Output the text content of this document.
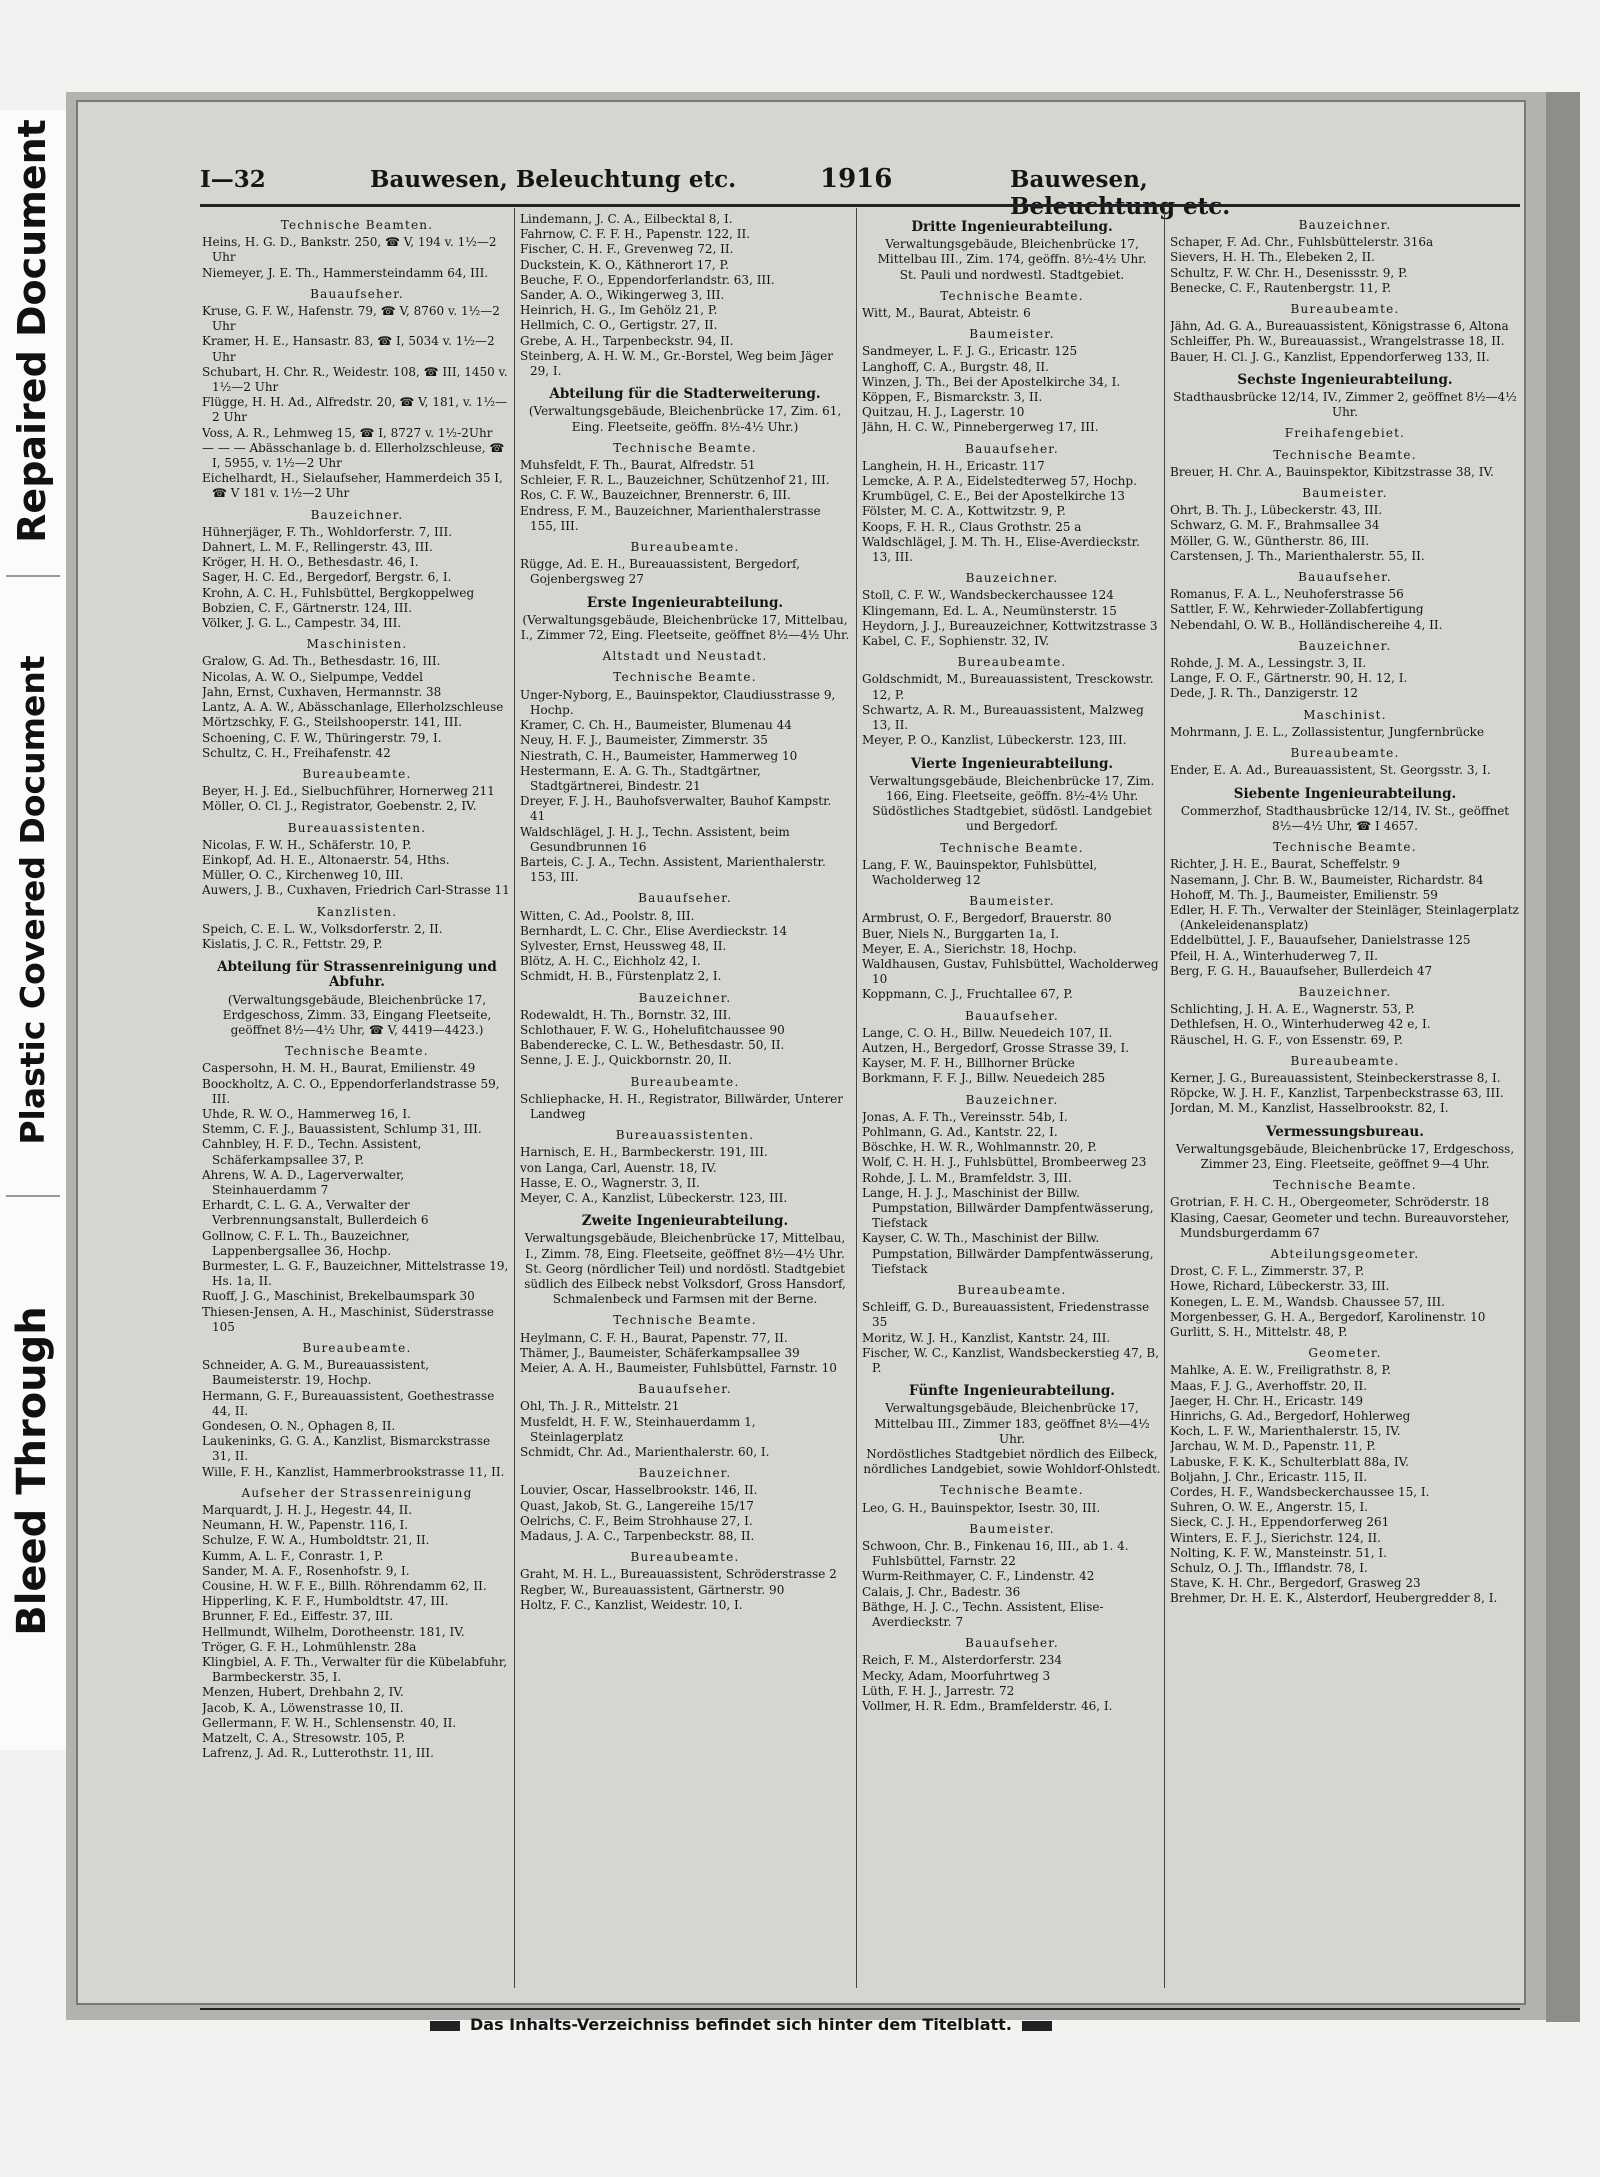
Repaired Document
Plastic Covered Document
Bleed Through
I—32	Bauwesen, Beleuchtung etc.	1916	Bauwesen,
Technische Beamten.
Heins, H. G. D., Bankstr. 250, ☎ V, 194 v. 1½—2 Uhr
Niemeyer, J. E. Th., Hammersteindamm 64, III.
Bauaufseher.
Kruse, G. F. W., Hafenstr. 79, ☎ V, 8760 v. 1½—2 Uhr
Kramer, H. E., Hansastr. 83, ☎ I, 5034 v. 1½—2 Uhr
Schubart, H. Chr. R., Weidestr. 108, ☎ III, 1450 v. 1½—2 Uhr
Flügge, H. H. Ad., Alfredstr. 20, ☎ V, 181, v. 1½—2 Uhr
Voss, A. R., Lehmweg 15, ☎ I, 8727 v. 1½-2Uhr
— — — Abässchanlage b. d. Ellerholzschleuse, ☎ I, 5955, v. 1½—2 Uhr
Eichelhardt, H., Sielaufseher, Hammerdeich 35 I, ☎ V 181 v. 1½—2 Uhr
Bauzeichner.
Hühnerjäger, F. Th., Wohldorferstr. 7, III.
Dahnert, L. M. F., Rellingerstr. 43, III.
Kröger, H. H. O., Bethesdastr. 46, I.
Sager, H. C. Ed., Bergedorf, Bergstr. 6, I.
Krohn, A. C. H., Fuhlsbüttel, Bergkoppelweg
Bobzien, C. F., Gärtnerstr. 124, III.
Völker, J. G. L., Campestr. 34, III.
Maschinisten.
Gralow, G. Ad. Th., Bethesdastr. 16, III.
Nicolas, A. W. O., Sielpumpe, Veddel
Jahn, Ernst, Cuxhaven, Hermannstr. 38
Lantz, A. A. W., Abässchanlage, Ellerholzschleuse
Mörtzschky, F. G., Steilshooperstr. 141, III.
Schoening, C. F. W., Thüringerstr. 79, I.
Schultz, C. H., Freihafenstr. 42
Bureaubeamte.
Beyer, H. J. Ed., Sielbuchführer, Hornerweg 211
Möller, O. Cl. J., Registrator, Goebenstr. 2, IV.
Bureauassistenten.
Nicolas, F. W. H., Schäferstr. 10, P.
Einkopf, Ad. H. E., Altonaerstr. 54, Hths.
Müller, O. C., Kirchenweg 10, III.
Auwers, J. B., Cuxhaven, Friedrich Carl-Strasse 11
Kanzlisten.
Speich, C. E. L. W., Volksdorferstr. 2, II.
Kislatis, J. C. R., Fettstr. 29, P.
Abteilung für Strassenreinigung und Abfuhr.
(Verwaltungsgebäude, Bleichenbrücke 17, Erdgeschoss, Zimm. 33, Eingang Fleetseite, geöffnet 8½—4½ Uhr, ☎ V, 4419—4423.)
Technische Beamte.
Caspersohn, H. M. H., Baurat, Emilienstr. 49
Boockholtz, A. C. O., Eppendorferlandstrasse 59, III.
Uhde, R. W. O., Hammerweg 16, I.
Stemm, C. F. J., Bauassistent, Schlump 31, III.
Cahnbley, H. F. D., Techn. Assistent, Schäferkampsallee 37, P.
Ahrens, W. A. D., Lagerverwalter, Steinhauerdamm 7
Erhardt, C. L. G. A., Verwalter der Verbrennungsanstalt, Bullerdeich 6
Gollnow, C. F. L. Th., Bauzeichner, Lappenbergsallee 36, Hochp.
Burmester, L. G. F., Bauzeichner, Mittelstrasse 19, Hs. 1a, II.
Ruoff, J. G., Maschinist, Brekelbaumspark 30
Thiesen-Jensen, A. H., Maschinist, Süderstrasse 105
Bureaubeamte.
Schneider, A. G. M., Bureauassistent, Baumeisterstr. 19, Hochp.
Hermann, G. F., Bureauassistent, Goethestrasse 44, II.
Gondesen, O. N., Ophagen 8, II.
Laukeninks, G. G. A., Kanzlist, Bismarckstrasse 31, II.
Wille, F. H., Kanzlist, Hammerbrookstrasse 11, II.
Aufseher der Strassenreinigung
Marquardt, J. H. J., Hegestr. 44, II.
Neumann, H. W., Papenstr. 116, I.
Schulze, F. W. A., Humboldtstr. 21, II.
Kumm, A. L. F., Conrastr. 1, P.
Sander, M. A. F., Rosenhofstr. 9, I.
Cousine, H. W. F. E., Billh. Röhrendamm 62, II.
Hipperling, K. F. F., Humboldtstr. 47, III.
Brunner, F. Ed., Eiffestr. 37, III.
Hellmundt, Wilhelm, Dorotheenstr. 181, IV.
Tröger, G. F. H., Lohmühlenstr. 28a
Klingbiel, A. F. Th., Verwalter für die Kübelabfuhr, Barmbeckerstr. 35, I.
Menzen, Hubert, Drehbahn 2, IV.
Jacob, K. A., Löwenstrasse 10, II.
Gellermann, F. W. H., Schlensenstr. 40, II.
Matzelt, C. A., Stresowstr. 105, P.
Lafrenz, J. Ad. R., Lutterothstr. 11, III.
Lindemann, J. C. A., Eilbecktal 8, I.
Fahrnow, C. F. F. H., Papenstr. 122, II.
Fischer, C. H. F., Grevenweg 72, II.
Duckstein, K. O., Käthnerort 17, P.
Beuche, F. O., Eppendorferlandstr. 63, III.
Sander, A. O., Wikingerweg 3, III.
Heinrich, H. G., Im Gehölz 21, P.
Hellmich, C. O., Gertigstr. 27, II.
Grebe, A. H., Tarpenbeckstr. 94, II.
Steinberg, A. H. W. M., Gr.-Borstel, Weg beim Jäger 29, I.
Abteilung für die Stadterweiterung.
(Verwaltungsgebäude, Bleichenbrücke 17, Zim. 61, Eing. Fleetseite, geöffn. 8½-4½ Uhr.)
Technische Beamte.
Muhsfeldt, F. Th., Baurat, Alfredstr. 51
Schleier, F. R. L., Bauzeichner, Schützenhof 21, III.
Ros, C. F. W., Bauzeichner, Brennerstr. 6, III.
Endress, F. M., Bauzeichner, Marienthalerstrasse 155, III.
Bureaubeamte.
Rügge, Ad. E. H., Bureauassistent, Bergedorf, Gojenbergsweg 27
Erste Ingenieurabteilung.
(Verwaltungsgebäude, Bleichenbrücke 17, Mittelbau, I., Zimmer 72, Eing. Fleetseite, geöffnet 8½—4½ Uhr.
Altstadt und Neustadt.
Technische Beamte.
Unger-Nyborg, E., Bauinspektor, Claudiusstrasse 9, Hochp.
Kramer, C. Ch. H., Baumeister, Blumenau 44
Neuy, H. F. J., Baumeister, Zimmerstr. 35
Niestrath, C. H., Baumeister, Hammerweg 10
Hestermann, E. A. G. Th., Stadtgärtner, Stadtgärtnerei, Bindestr. 21
Dreyer, F. J. H., Bauhofsverwalter, Bauhof Kampstr. 41
Waldschlägel, J. H. J., Techn. Assistent, beim Gesundbrunnen 16
Barteis, C. J. A., Techn. Assistent, Marienthalerstr. 153, III.
Bauaufseher.
Witten, C. Ad., Poolstr. 8, III.
Bernhardt, L. C. Chr., Elise Averdieckstr. 14
Sylvester, Ernst, Heussweg 48, II.
Blötz, A. H. C., Eichholz 42, I.
Schmidt, H. B., Fürstenplatz 2, I.
Bauzeichner.
Rodewaldt, H. Th., Bornstr. 32, III.
Schlothauer, F. W. G., Hohelufitchaussee 90
Babenderecke, C. L. W., Bethesdastr. 50, II.
Senne, J. E. J., Quickbornstr. 20, II.
Bureaubeamte.
Schliephacke, H. H., Registrator, Billwärder, Unterer Landweg
Bureauassistenten.
Harnisch, E. H., Barmbeckerstr. 191, III.
von Langa, Carl, Auenstr. 18, IV.
Hasse, E. O., Wagnerstr. 3, II.
Meyer, C. A., Kanzlist, Lübeckerstr. 123, III.
Zweite Ingenieurabteilung.
Verwaltungsgebäude, Bleichenbrücke 17, Mittelbau, I., Zimm. 78, Eing. Fleetseite, geöffnet 8½—4½ Uhr.
St. Georg (nördlicher Teil) und nordöstl. Stadtgebiet südlich des Eilbeck nebst Volksdorf, Gross Hansdorf, Schmalenbeck und Farmsen mit der Berne.
Technische Beamte.
Heylmann, C. F. H., Baurat, Papenstr. 77, II.
Thämer, J., Baumeister, Schäferkampsallee 39
Meier, A. A. H., Baumeister, Fuhlsbüttel, Farnstr. 10
Bauaufseher.
Ohl, Th. J. R., Mittelstr. 21
Musfeldt, H. F. W., Steinhauerdamm 1, Steinlagerplatz
Schmidt, Chr. Ad., Marienthalerstr. 60, I.
Bauzeichner.
Louvier, Oscar, Hasselbrookstr. 146, II.
Quast, Jakob, St. G., Langereihe 15/17
Oelrichs, C. F., Beim Strohhause 27, I.
Madaus, J. A. C., Tarpenbeckstr. 88, II.
Bureaubeamte.
Graht, M. H. L., Bureauassistent, Schröderstrasse 2
Regber, W., Bureauassistent, Gärtnerstr. 90
Holtz, F. C., Kanzlist, Weidestr. 10, I.
Dritte Ingenieurabteilung.
Verwaltungsgebäude, Bleichenbrücke 17, Mittelbau III., Zim. 174, geöffn. 8½-4½ Uhr.
St. Pauli und nordwestl. Stadtgebiet.
Technische Beamte.
Witt, M., Baurat, Abteistr. 6
Baumeister.
Sandmeyer, L. F. J. G., Ericastr. 125
Langhoff, C. A., Burgstr. 48, II.
Winzen, J. Th., Bei der Apostelkirche 34, I.
Köppen, F., Bismarckstr. 3, II.
Quitzau, H. J., Lagerstr. 10
Jähn, H. C. W., Pinnebergerweg 17, III.
Bauaufseher.
Langhein, H. H., Ericastr. 117
Lemcke, A. P. A., Eidelstedterweg 57, Hochp.
Krumbügel, C. E., Bei der Apostelkirche 13
Fölster, M. C. A., Kottwitzstr. 9, P.
Koops, F. H. R., Claus Grothstr. 25 a
Waldschlägel, J. M. Th. H., Elise-Averdieckstr. 13, III.
Bauzeichner.
Stoll, C. F. W., Wandsbeckerchaussee 124
Klingemann, Ed. L. A., Neumünsterstr. 15
Heydorn, J. J., Bureauzeichner, Kottwitzstrasse 3
Kabel, C. F., Sophienstr. 32, IV.
Bureaubeamte.
Goldschmidt, M., Bureauassistent, Tresckowstr. 12, P.
Schwartz, A. R. M., Bureauassistent, Malzweg 13, II.
Meyer, P. O., Kanzlist, Lübeckerstr. 123, III.
Vierte Ingenieurabteilung.
Verwaltungsgebäude, Bleichenbrücke 17, Zim. 166, Eing. Fleetseite, geöffn. 8½-4½ Uhr.
Südöstliches Stadtgebiet, südöstl. Landgebiet und Bergedorf.
Technische Beamte.
Lang, F. W., Bauinspektor, Fuhlsbüttel, Wacholderweg 12
Baumeister.
Armbrust, O. F., Bergedorf, Brauerstr. 80
Buer, Niels N., Burggarten 1a, I.
Meyer, E. A., Sierichstr. 18, Hochp.
Waldhausen, Gustav, Fuhlsbüttel, Wacholderweg 10
Koppmann, C. J., Fruchtallee 67, P.
Bauaufseher.
Lange, C. O. H., Billw. Neuedeich 107, II.
Autzen, H., Bergedorf, Grosse Strasse 39, I.
Kayser, M. F. H., Billhorner Brücke
Borkmann, F. F. J., Billw. Neuedeich 285
Bauzeichner.
Jonas, A. F. Th., Vereinsstr. 54b, I.
Pohlmann, G. Ad., Kantstr. 22, I.
Böschke, H. W. R., Wohlmannstr. 20, P.
Wolf, C. H. H. J., Fuhlsbüttel, Brombeerweg 23
Rohde, J. L. M., Bramfeldstr. 3, III.
Lange, H. J. J., Maschinist der Billw. Pumpstation, Billwärder Dampfentwässerung, Tiefstack
Kayser, C. W. Th., Maschinist der Billw. Pumpstation, Billwärder Dampfentwässerung, Tiefstack
Bureaubeamte.
Schleiff, G. D., Bureauassistent, Friedenstrasse 35
Moritz, W. J. H., Kanzlist, Kantstr. 24, III.
Fischer, W. C., Kanzlist, Wandsbeckerstieg 47, B, P.
Fünfte Ingenieurabteilung.
Verwaltungsgebäude, Bleichenbrücke 17, Mittelbau III., Zimmer 183, geöffnet 8½—4½ Uhr.
Nordöstliches Stadtgebiet nördlich des Eilbeck, nördliches Landgebiet, sowie Wohldorf-Ohlstedt.
Technische Beamte.
Leo, G. H., Bauinspektor, Isestr. 30, III.
Baumeister.
Schwoon, Chr. B., Finkenau 16, III., ab 1. 4. Fuhlsbüttel, Farnstr. 22
Wurm-Reithmayer, C. F., Lindenstr. 42
Calais, J. Chr., Badestr. 36
Bäthge, H. J. C., Techn. Assistent, Elise-Averdieckstr. 7
Bauaufseher.
Reich, F. M., Alsterdorferstr. 234
Mecky, Adam, Moorfuhrtweg 3
Lüth, F. H. J., Jarrestr. 72
Vollmer, H. R. Edm., Bramfelderstr. 46, I.
Bauzeichner.
Schaper, F. Ad. Chr., Fuhlsbüttelerstr. 316a
Sievers, H. H. Th., Elebeken 2, II.
Schultz, F. W. Chr. H., Desenissstr. 9, P.
Benecke, C. F., Rautenbergstr. 11, P.
Bureaubeamte.
Jähn, Ad. G. A., Bureauassistent, Königstrasse 6, Altona
Schleiffer, Ph. W., Bureauassist., Wrangelstrasse 18, II.
Bauer, H. Cl. J. G., Kanzlist, Eppendorferweg 133, II.
Sechste Ingenieurabteilung.
Stadthausbrücke 12/14, IV., Zimmer 2, geöffnet 8½—4½ Uhr.
Freihafengebiet.
Technische Beamte.
Breuer, H. Chr. A., Bauinspektor, Kibitzstrasse 38, IV.
Baumeister.
Ohrt, B. Th. J., Lübeckerstr. 43, III.
Schwarz, G. M. F., Brahmsallee 34
Möller, G. W., Güntherstr. 86, III.
Carstensen, J. Th., Marienthalerstr. 55, II.
Bauaufseher.
Romanus, F. A. L., Neuhoferstrasse 56
Sattler, F. W., Kehrwieder-Zollabfertigung
Nebendahl, O. W. B., Holländischereihe 4, II.
Bauzeichner.
Rohde, J. M. A., Lessingstr. 3, II.
Lange, F. O. F., Gärtnerstr. 90, H. 12, I.
Dede, J. R. Th., Danzigerstr. 12
Maschinist.
Mohrmann, J. E. L., Zollassistentur, Jungfernbrücke
Bureaubeamte.
Ender, E. A. Ad., Bureauassistent, St. Georgsstr. 3, I.
Siebente Ingenieurabteilung.
Commerzhof, Stadthausbrücke 12/14, IV. St., geöffnet 8½—4½ Uhr, ☎ I 4657.
Technische Beamte.
Richter, J. H. E., Baurat, Scheffelstr. 9
Nasemann, J. Chr. B. W., Baumeister, Richardstr. 84
Hohoff, M. Th. J., Baumeister, Emilienstr. 59
Edler, H. F. Th., Verwalter der Steinläger, Steinlagerplatz (Ankeleidenansplatz)
Eddelbüttel, J. F., Bauaufseher, Danielstrasse 125
Pfeil, H. A., Winterhuderweg 7, II.
Berg, F. G. H., Bauaufseher, Bullerdeich 47
Bauzeichner.
Schlichting, J. H. A. E., Wagnerstr. 53, P.
Dethlefsen, H. O., Winterhuderweg 42 e, I.
Räuschel, H. G. F., von Essenstr. 69, P.
Bureaubeamte.
Kerner, J. G., Bureauassistent, Steinbeckerstrasse 8, I.
Röpcke, W. J. H. F., Kanzlist, Tarpenbeckstrasse 63, III.
Jordan, M. M., Kanzlist, Hasselbrookstr. 82, I.
Vermessungsbureau.
Verwaltungsgebäude, Bleichenbrücke 17, Erdgeschoss, Zimmer 23, Eing. Fleetseite, geöffnet 9—4 Uhr.
Technische Beamte.
Grotrian, F. H. C. H., Obergeometer, Schröderstr. 18
Klasing, Caesar, Geometer und techn. Bureauvorsteher, Mundsburgerdamm 67
Abteilungsgeometer.
Drost, C. F. L., Zimmerstr. 37, P.
Howe, Richard, Lübeckerstr. 33, III.
Konegen, L. E. M., Wandsb. Chaussee 57, III.
Morgenbesser, G. H. A., Bergedorf, Karolinenstr. 10
Gurlitt, S. H., Mittelstr. 48, P.
Geometer.
Mahlke, A. E. W., Freiligrathstr. 8, P.
Maas, F. J. G., Averhoffstr. 20, II.
Jaeger, H. Chr. H., Ericastr. 149
Hinrichs, G. Ad., Bergedorf, Hohlerweg
Koch, L. F. W., Marienthalerstr. 15, IV.
Jarchau, W. M. D., Papenstr. 11, P.
Labuske, F. K. K., Schulterblatt 88a, IV.
Boljahn, J. Chr., Ericastr. 115, II.
Cordes, H. F., Wandsbeckerchaussee 15, I.
Suhren, O. W. E., Angerstr. 15, I.
Sieck, C. J. H., Eppendorferweg 261
Winters, E. F. J., Sierichstr. 124, II.
Nolting, K. F. W., Mansteinstr. 51, I.
Schulz, O. J. Th., Ifflandstr. 78, I.
Stave, K. H. Chr., Bergedorf, Grasweg 23
Brehmer, Dr. H. E. K., Alsterdorf, Heubergredder 8, I.
Das Inhalts-Verzeichniss befindet sich hinter dem Titelblatt.
